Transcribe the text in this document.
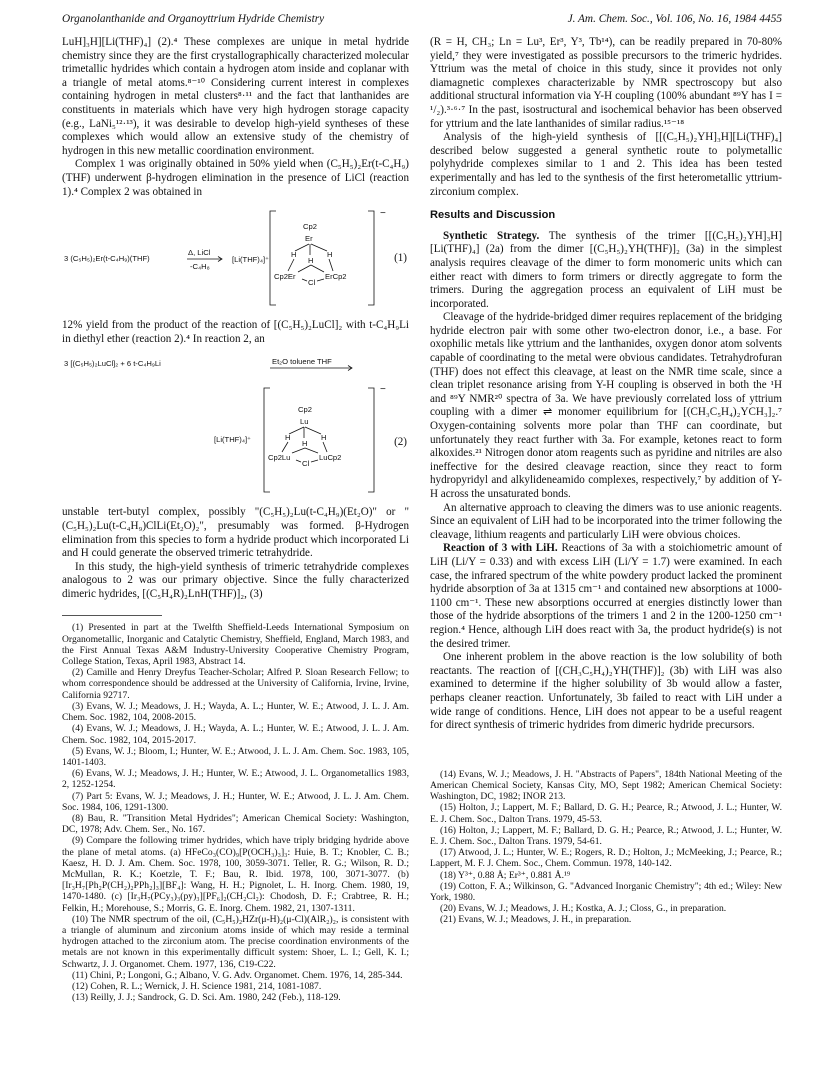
Organolanthanide and Organoyttrium Hydride Chemistry	J. Am. Chem. Soc., Vol. 106, No. 16, 1984 4455

LuH]₃H][Li(THF)₄] (2).⁴ These complexes are unique in metal hydride chemistry since they are the first crystallographically characterized molecular trimetallic hydrides which contain a hydrogen atom inside and coplanar with a triangle of metal atoms.⁸⁻¹⁰ Considering current interest in complexes containing hydrogen in metal clusters⁸·¹¹ and the fact that lanthanides are constituents in materials which have very high hydrogen storage capacity (e.g., LaNi₅¹²·¹³), it was desirable to develop high-yield syntheses of these complexes which would allow an extensive study of the chemistry of hydrogen in this new metallic coordination environment.

Complex 1 was originally obtained in 50% yield when (C₅H₅)₂Er(t-C₄H₉)(THF) underwent β-hydrogen elimination in the presence of LiCl (reaction 1).⁴ Complex 2 was obtained in

3 (C₅H₅)₂Er(t-C₄H₉)(THF)
Δ, LiCl
-C₄H₈
[Li(THF)₄]⁺
Cp2
Er
H
H
H
Cp2Er
Cl
ErCp2
−
(1)

12% yield from the product of the reaction of [(C₅H₅)₂LuCl]₂ with t-C₄H₉Li in diethyl ether (reaction 2).⁴ In reaction 2, an

3 [(C₅H₅)₂LuCl]₂ + 6 t-C₄H₉Li	Et₂O toluene THF
[Li(THF)₄]⁺
Cp2
Lu
H
H
H
Cp2Lu
Cl
LuCp2
−
(2)

unstable tert-butyl complex, possibly "(C₅H₅)₂Lu(t-C₄H₉)(Et₂O)" or "(C₅H₅)₂Lu(t-C₄H₉)ClLi(Et₂O)₂", presumably was formed. β-Hydrogen elimination from this species to form a hydride product which incorporated Li and H could generate the observed trimeric tetrahydride.

In this study, the high-yield synthesis of trimeric tetrahydride complexes analogous to 2 was our primary objective. Since the fully characterized dimeric hydrides, [(C₅H₄R)₂LnH(THF)]₂, (3)

(1) Presented in part at the Twelfth Sheffield-Leeds International Symposium on Organometallic, Inorganic and Catalytic Chemistry, Sheffield, England, March 1983, and the First Annual Texas A&M Industry-University Cooperative Chemistry Program, College Station, Texas, April 1983, Abstract 14.

(2) Camille and Henry Dreyfus Teacher-Scholar; Alfred P. Sloan Research Fellow; to whom correspondence should be addressed at the University of California, Irvine, Irvine, California 92717.

(3) Evans, W. J.; Meadows, J. H.; Wayda, A. L.; Hunter, W. E.; Atwood, J. L. J. Am. Chem. Soc. 1982, 104, 2008-2015.

(4) Evans, W. J.; Meadows, J. H.; Wayda, A. L.; Hunter, W. E.; Atwood, J. L. J. Am. Chem. Soc. 1982, 104, 2015-2017.

(5) Evans, W. J.; Bloom, I.; Hunter, W. E.; Atwood, J. L. J. Am. Chem. Soc. 1983, 105, 1401-1403.

(6) Evans, W. J.; Meadows, J. H.; Hunter, W. E.; Atwood, J. L. Organometallics 1983, 2, 1252-1254.

(7) Part 5: Evans, W. J.; Meadows, J. H.; Hunter, W. E.; Atwood, J. L. J. Am. Chem. Soc. 1984, 106, 1291-1300.

(8) Bau, R. "Transition Metal Hydrides"; American Chemical Society: Washington, DC, 1978; Adv. Chem. Ser., No. 167.

(9) Compare the following trimer hydrides, which have triply bridging hydride above the plane of metal atoms. (a) HFeCo₃(CO)₉[P(OCH₃)₃]₃: Huie, B. T.; Knobler, C. B.; Kaesz, H. D. J. Am. Chem. Soc. 1978, 100, 3059-3071. Teller, R. G.; Wilson, R. D.; McMullan, R. K.; Koetzle, T. F.; Bau, R. Ibid. 1978, 100, 3071-3077. (b) [Ir₃H₇[Ph₂P(CH₂)₂PPh₂]₃][BF₄]: Wang, H. H.; Pignolet, L. H. Inorg. Chem. 1980, 19, 1470-1480. (c) [Ir₃H₇(PCy₃)₃(py)₃][PF₆]₂(CH₂Cl₂): Chodosh, D. F.; Crabtree, R. H.; Felkin, H.; Morehouse, S.; Morris, G. E. Inorg. Chem. 1982, 21, 1307-1311.

(10) The NMR spectrum of the oil, (C₅H₅)₂HZr(μ-H)₂(μ-Cl)(AlR₂)₂, is consistent with a triangle of aluminum and zirconium atoms inside of which may reside a terminal hydrogen attached to the zirconium atom. The precise coordination environments of the metals are not known in this experimentally difficult system: Shoer, L. I.; Gell, K. I.; Schwartz, J. J. Organomet. Chem. 1977, 136, C19-C22.

(11) Chini, P.; Longoni, G.; Albano, V. G. Adv. Organomet. Chem. 1976, 14, 285-344.

(12) Cohen, R. L.; Wernick, J. H. Science 1981, 214, 1081-1087.

(13) Reilly, J. J.; Sandrock, G. D. Sci. Am. 1980, 242 (Feb.), 118-129.

(R = H, CH₃; Ln = Lu³, Er³, Y³, Tb¹⁴), can be readily prepared in 70-80% yield,⁷ they were investigated as possible precursors to the trimeric hydrides. Yttrium was the metal of choice in this study, since it provides not only diamagnetic complexes characterizable by NMR spectroscopy but also additional structural information via Y-H coupling (100% abundant ⁸⁹Y has I = ¹/₂).³·⁶·⁷ In the past, isostructural and isochemical behavior has been observed for yttrium and the late lanthanides of similar radius.¹⁵⁻¹⁸

Analysis of the high-yield synthesis of [[(C₅H₅)₂YH]₃H][Li(THF)₄] described below suggested a general synthetic route to polymetallic polyhydride complexes similar to 1 and 2. This idea has been tested experimentally and has led to the synthesis of the first heterometallic yttrium-zirconium complex.

Results and Discussion

Synthetic Strategy. The synthesis of the trimer [[(C₅H₅)₂YH]₃H][Li(THF)₄] (2a) from the dimer [(C₅H₅)₂YH(THF)]₂ (3a) in the simplest analysis requires cleavage of the dimer to form monomeric units which can either react with dimers to form trimers or directly aggregate to form the trimers. During the aggregation process an equivalent of LiH must be incorporated.

Cleavage of the hydride-bridged dimer requires replacement of the bridging hydride electron pair with some other two-electron donor, i.e., a base. For oxophilic metals like yttrium and the lanthanides, oxygen donor atom solvents capable of coordinating to the metal were obvious candidates. Tetrahydrofuran (THF) does not effect this cleavage, at least on the NMR time scale, since a clean triplet resonance arising from Y-H coupling is observed in both the ¹H and ⁸⁹Y NMR²⁰ spectra of 3a. We have previously correlated loss of yttrium coupling with a dimer ⇌ monomer equilibrium for [(CH₃C₅H₄)₂YCH₃]₂.⁷ Oxygen-containing solvents more polar than THF can coordinate, but unfortunately they react further with 3a. For example, ketones react to form alkoxides.²¹ Nitrogen donor atom reagents such as pyridine and nitriles are also ineffective for the desired cleavage reaction, since they react to form hydropyridyl and alkylideneamido complexes, respectively,⁷ by addition of Y-H across the unsaturated bonds.

An alternative approach to cleaving the dimers was to use anionic reagents. Since an equivalent of LiH had to be incorporated into the trimer following the cleavage, lithium reagents and particularly LiH were obvious choices.

Reaction of 3 with LiH. Reactions of 3a with a stoichiometric amount of LiH (Li/Y = 0.33) and with excess LiH (Li/Y = 1.7) were examined. In each case, the infrared spectrum of the white powdery product lacked the prominent hydride absorption of 3a at 1315 cm⁻¹ and contained new absorptions at 1000-1100 cm⁻¹. These new absorptions occurred at energies distinctly lower than those of the hydride absorptions of the trimers 1 and 2 in the 1200-1250 cm⁻¹ region.⁴ Hence, although LiH does react with 3a, the product hydride(s) is not the desired trimer.

One inherent problem in the above reaction is the low solubility of both reactants. The reaction of [(CH₃C₅H₄)₂YH(THF)]₂ (3b) with LiH was also examined to determine if the higher solubility of 3b would allow a faster, perhaps cleaner reaction. Unfortunately, 3b failed to react with LiH under a wide range of conditions. Hence, LiH does not appear to be a useful reagent for direct synthesis of trimeric hydrides from dimeric hydride precursors.

(14) Evans, W. J.; Meadows, J. H. "Abstracts of Papers", 184th National Meeting of the American Chemical Society, Kansas City, MO, Sept 1982; American Chemical Society: Washington, DC, 1982; INOR 213.

(15) Holton, J.; Lappert, M. F.; Ballard, D. G. H.; Pearce, R.; Atwood, J. L.; Hunter, W. E. J. Chem. Soc., Dalton Trans. 1979, 45-53.

(16) Holton, J.; Lappert, M. F.; Ballard, D. G. H.; Pearce, R.; Atwood, J. L.; Hunter, W. E. J. Chem. Soc., Dalton Trans. 1979, 54-61.

(17) Atwood, J. L.; Hunter, W. E.; Rogers, R. D.; Holton, J.; McMeeking, J.; Pearce, R.; Lappert, M. F. J. Chem. Soc., Chem. Commun. 1978, 140-142.

(18) Y³⁺, 0.88 Å; Er³⁺, 0.881 Å.¹⁹

(19) Cotton, F. A.; Wilkinson, G. "Advanced Inorganic Chemistry"; 4th ed.; Wiley: New York, 1980.

(20) Evans, W. J.; Meadows, J. H.; Kostka, A. J.; Closs, G., in preparation.

(21) Evans, W. J.; Meadows, J. H., in preparation.
